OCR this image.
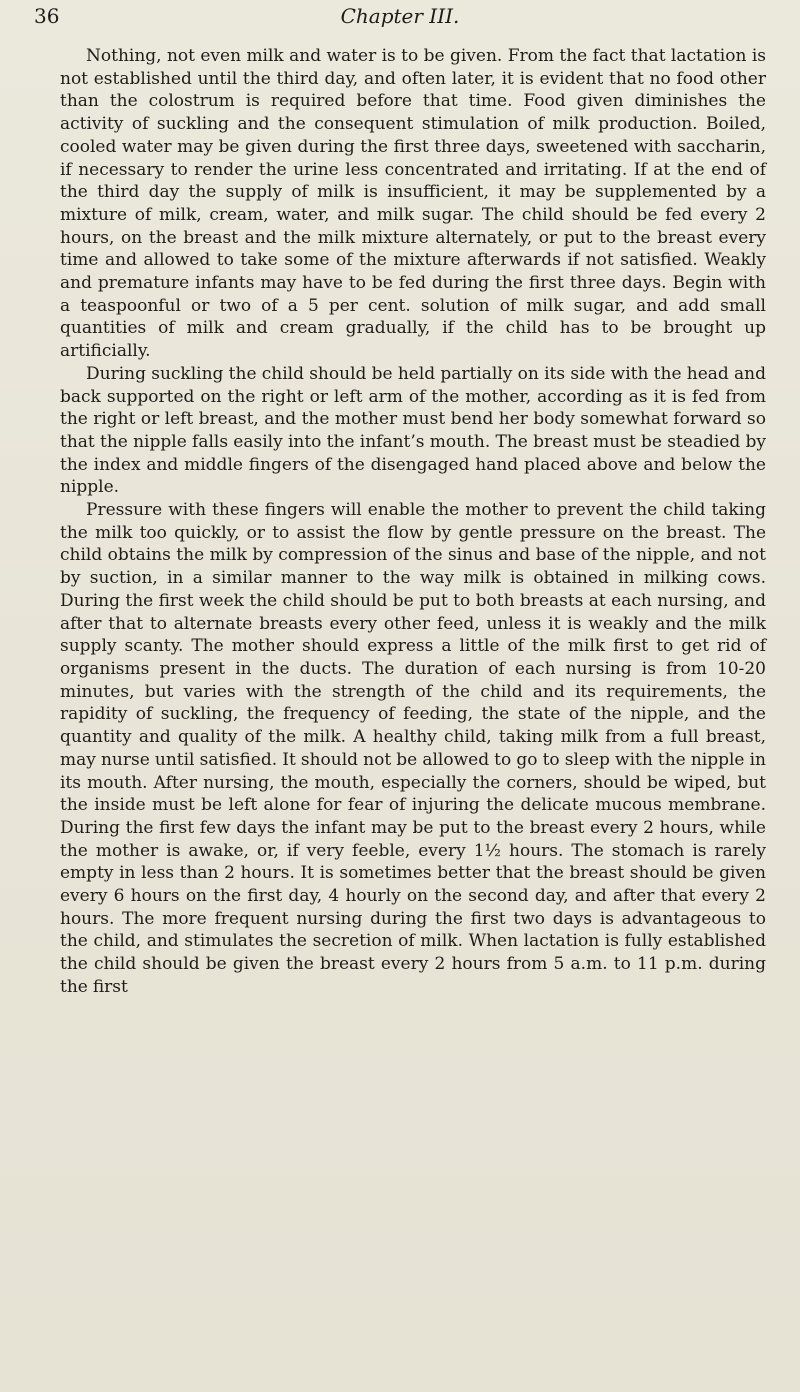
36	Chapter III.

Nothing, not even milk and water is to be given. From the fact that lactation is not established until the third day, and often later, it is evident that no food other than the colostrum is required before that time. Food given diminishes the activity of suckling and the consequent stimulation of milk production. Boiled, cooled water may be given during the first three days, sweetened with saccharin, if necessary to render the urine less concentrated and irritating. If at the end of the third day the supply of milk is insufficient, it may be supplemented by a mixture of milk, cream, water, and milk sugar. The child should be fed every 2 hours, on the breast and the milk mixture alternately, or put to the breast every time and allowed to take some of the mixture afterwards if not satisfied. Weakly and premature infants may have to be fed during the first three days. Begin with a teaspoonful or two of a 5 per cent. solution of milk sugar, and add small quantities of milk and cream gradually, if the child has to be brought up artificially.

During suckling the child should be held partially on its side with the head and back supported on the right or left arm of the mother, according as it is fed from the right or left breast, and the mother must bend her body somewhat forward so that the nipple falls easily into the infant’s mouth. The breast must be steadied by the index and middle fingers of the disengaged hand placed above and below the nipple.

Pressure with these fingers will enable the mother to prevent the child taking the milk too quickly, or to assist the flow by gentle pressure on the breast. The child obtains the milk by compression of the sinus and base of the nipple, and not by suction, in a similar manner to the way milk is obtained in milking cows. During the first week the child should be put to both breasts at each nursing, and after that to alternate breasts every other feed, unless it is weakly and the milk supply scanty. The mother should express a little of the milk first to get rid of organisms present in the ducts. The duration of each nursing is from 10-20 minutes, but varies with the strength of the child and its requirements, the rapidity of suckling, the frequency of feeding, the state of the nipple, and the quantity and quality of the milk. A healthy child, taking milk from a full breast, may nurse until satisfied. It should not be allowed to go to sleep with the nipple in its mouth. After nursing, the mouth, especially the corners, should be wiped, but the inside must be left alone for fear of injuring the delicate mucous membrane. During the first few days the infant may be put to the breast every 2 hours, while the mother is awake, or, if very feeble, every 1½ hours. The stomach is rarely empty in less than 2 hours. It is sometimes better that the breast should be given every 6 hours on the first day, 4 hourly on the second day, and after that every 2 hours. The more frequent nursing during the first two days is advantageous to the child, and stimulates the secretion of milk. When lactation is fully established the child should be given the breast every 2 hours from 5 a.m. to 11 p.m. during the first
